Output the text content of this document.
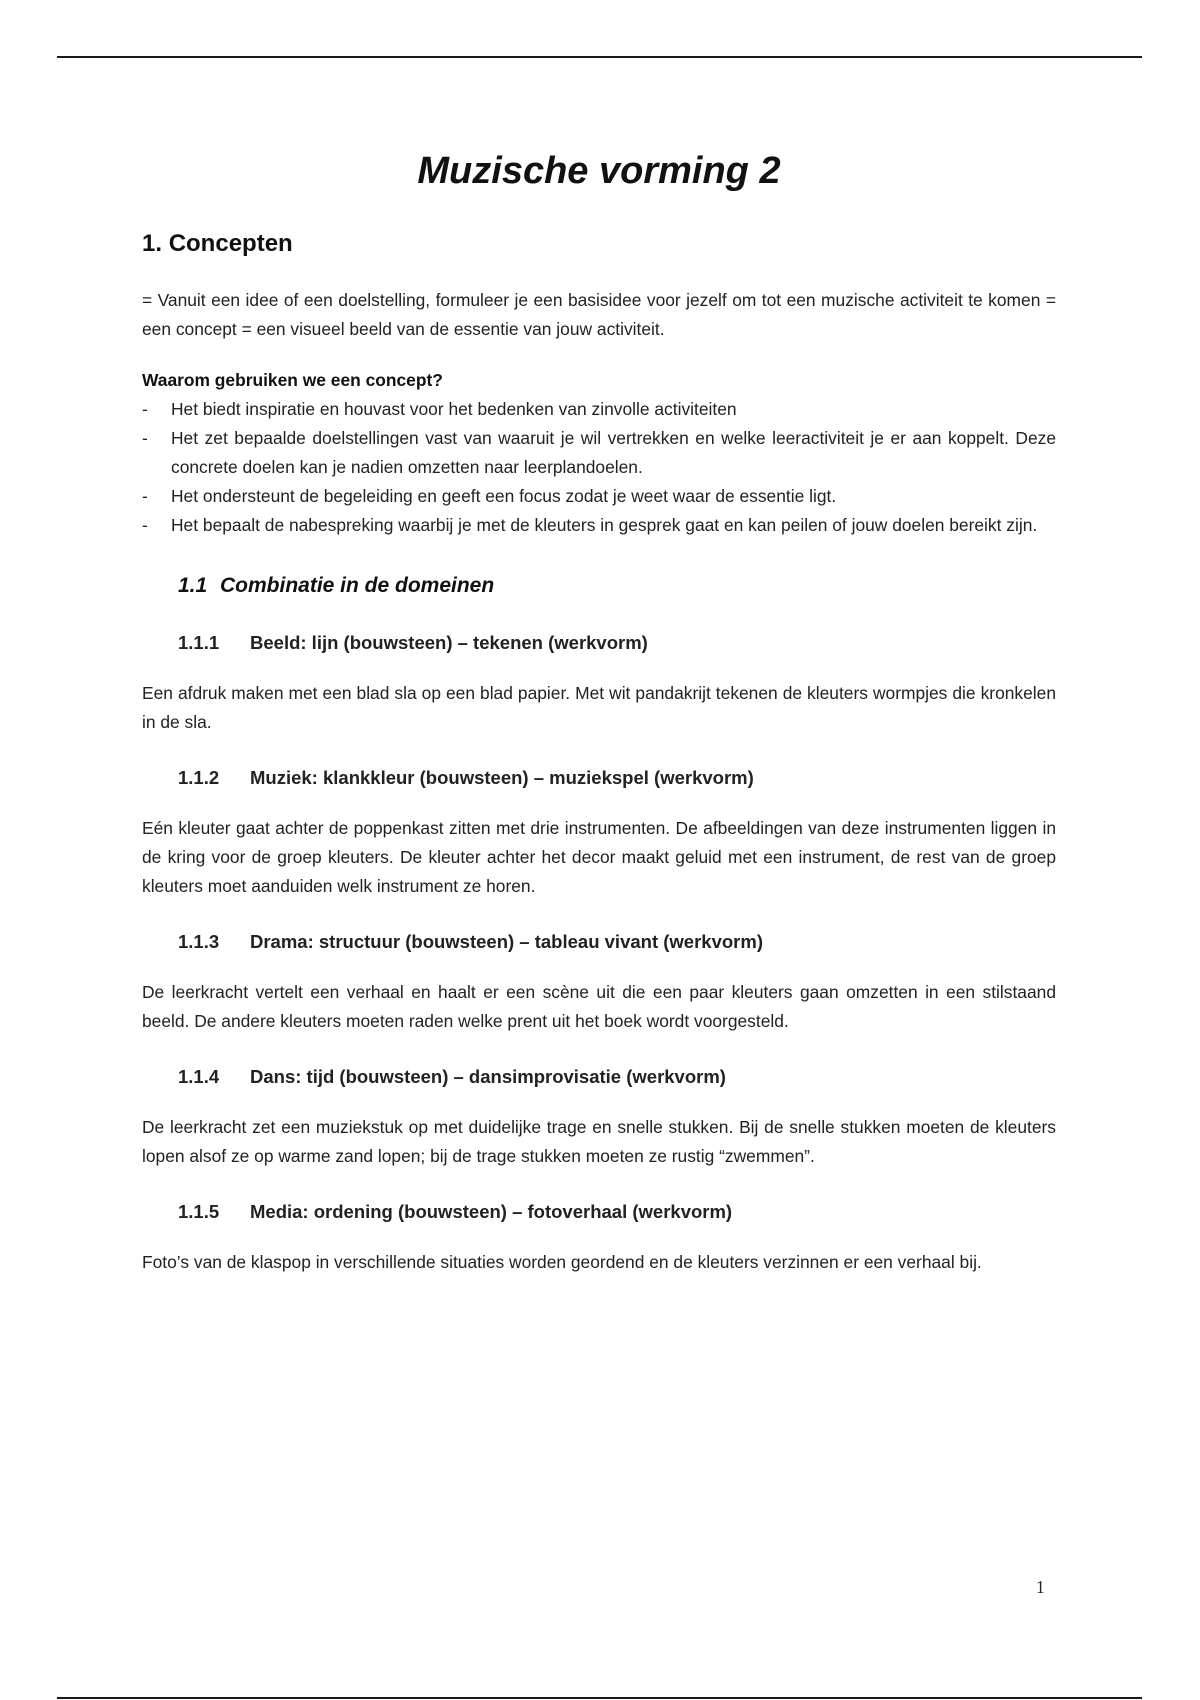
Muzische vorming 2
1. Concepten

= Vanuit een idee of een doelstelling, formuleer je een basisidee voor jezelf om tot een muzische activiteit te komen = een concept = een visueel beeld van de essentie van jouw activiteit.

Waarom gebruiken we een concept?

- Het biedt inspiratie en houvast voor het bedenken van zinvolle activiteiten
- Het zet bepaalde doelstellingen vast van waaruit je wil vertrekken en welke leeractiviteit je er aan koppelt. Deze concrete doelen kan je nadien omzetten naar leerplandoelen.
- Het ondersteunt de begeleiding en geeft een focus zodat je weet waar de essentie ligt.
- Het bepaalt de nabespreking waarbij je met de kleuters in gesprek gaat en kan peilen of jouw doelen bereikt zijn.
1.1 Combinatie in de domeinen
1.1.1 Beeld: lijn (bouwsteen) – tekenen (werkvorm)

Een afdruk maken met een blad sla op een blad papier. Met wit pandakrijt tekenen de kleuters wormpjes die kronkelen in de sla.

1.1.2 Muziek: klankkleur (bouwsteen) – muziekspel (werkvorm)

Eén kleuter gaat achter de poppenkast zitten met drie instrumenten. De afbeeldingen van deze instrumenten liggen in de kring voor de groep kleuters. De kleuter achter het decor maakt geluid met een instrument, de rest van de groep kleuters moet aanduiden welk instrument ze horen.

1.1.3 Drama: structuur (bouwsteen) – tableau vivant (werkvorm)

De leerkracht vertelt een verhaal en haalt er een scène uit die een paar kleuters gaan omzetten in een stilstaand beeld. De andere kleuters moeten raden welke prent uit het boek wordt voorgesteld.

1.1.4 Dans: tijd (bouwsteen) – dansimprovisatie (werkvorm)

De leerkracht zet een muziekstuk op met duidelijke trage en snelle stukken. Bij de snelle stukken moeten de kleuters lopen alsof ze op warme zand lopen; bij de trage stukken moeten ze rustig “zwemmen”.

1.1.5 Media: ordening (bouwsteen) – fotoverhaal (werkvorm)

Foto’s van de klaspop in verschillende situaties worden geordend en de kleuters verzinnen er een verhaal bij.

1
